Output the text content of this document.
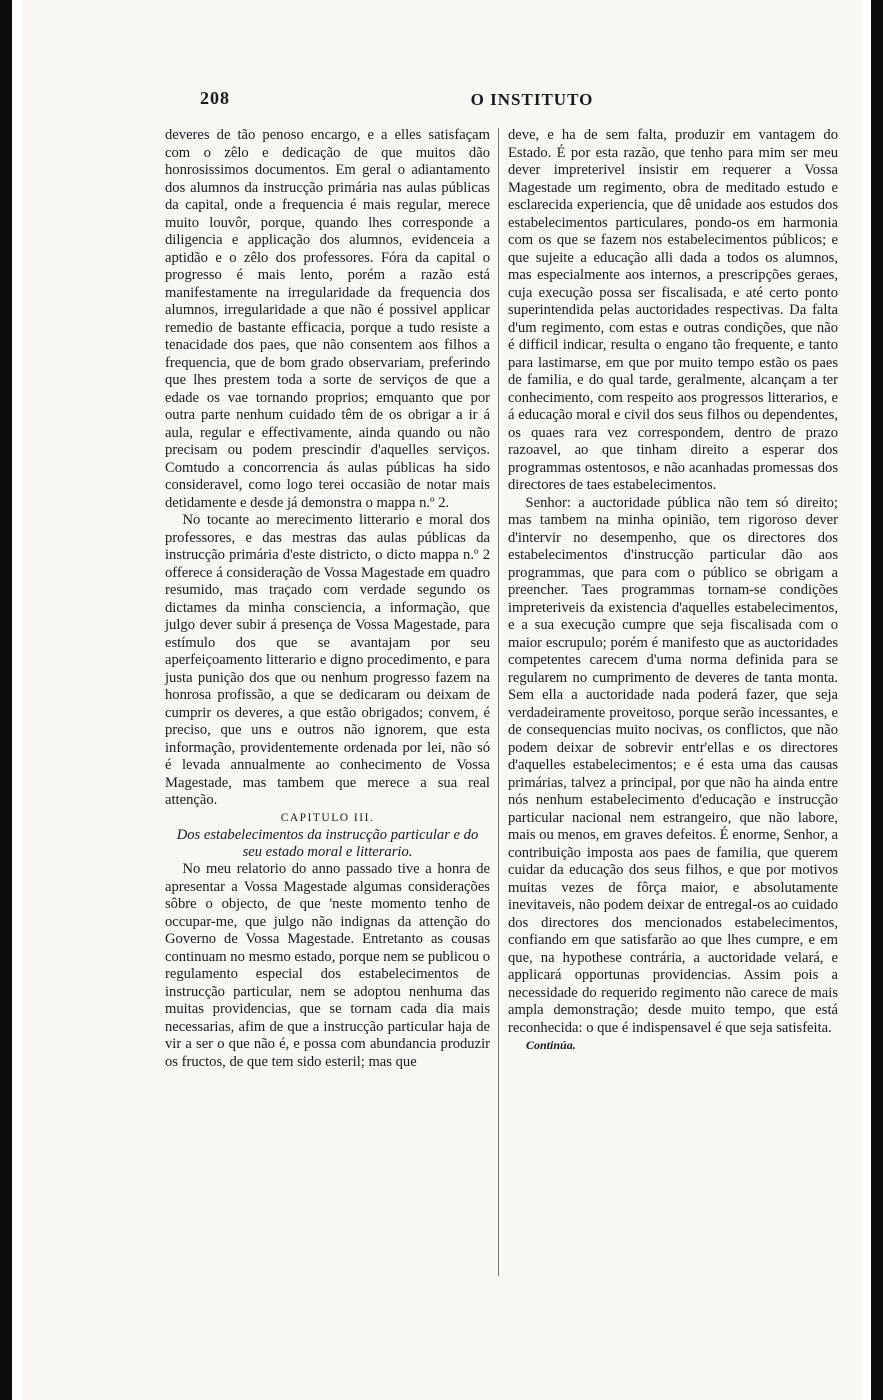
208	O INSTITUTO

deveres de tão penoso encargo, e a elles satisfaçam com o zêlo e dedicação de que muitos dão honrosissimos documentos. Em geral o adiantamento dos alumnos da instrucção primária nas aulas públicas da capital, onde a frequencia é mais regular, merece muito louvôr, porque, quando lhes corresponde a diligencia e applicação dos alumnos, evidenceia a aptidão e o zêlo dos professores. Fóra da capital o progresso é mais lento, porém a razão está manifestamente na irregularidade da frequencia dos alumnos, irregularidade a que não é possivel applicar remedio de bastante efficacia, porque a tudo resiste a tenacidade dos paes, que não consentem aos filhos a frequencia, que de bom grado observariam, preferindo que lhes prestem toda a sorte de serviços de que a edade os vae tornando proprios; emquanto que por outra parte nenhum cuidado têm de os obrigar a ir á aula, regular e effectivamente, ainda quando ou não precisam ou podem prescindir d'aquelles serviços. Comtudo a concorrencia ás aulas públicas ha sido consideravel, como logo terei occasião de notar mais detidamente e desde já demonstra o mappa n.º 2.

No tocante ao merecimento litterario e moral dos professores, e das mestras das aulas públicas da instrucção primária d'este districto, o dicto mappa n.º 2 offerece á consideração de Vossa Magestade em quadro resumido, mas traçado com verdade segundo os dictames da minha consciencia, a informação, que julgo dever subir á presença de Vossa Magestade, para estímulo dos que se avantajam por seu aperfeiçoamento litterario e digno procedimento, e para justa punição dos que ou nenhum progresso fazem na honrosa profissão, a que se dedicaram ou deixam de cumprir os deveres, a que estão obrigados; convem, é preciso, que uns e outros não ignorem, que esta informação, providentemente ordenada por lei, não só é levada annualmente ao conhecimento de Vossa Magestade, mas tambem que merece a sua real attenção.

CAPITULO III.

Dos estabelecimentos da instrucção particular e do seu estado moral e litterario.

No meu relatorio do anno passado tive a honra de apresentar a Vossa Magestade algumas considerações sôbre o objecto, de que 'neste momento tenho de occupar-me, que julgo não indignas da attenção do Governo de Vossa Magestade. Entretanto as cousas continuam no mesmo estado, porque nem se publicou o regulamento especial dos estabelecimentos de instrucção particular, nem se adoptou nenhuma das muitas providencias, que se tornam cada dia mais necessarias, afim de que a instrucção particular haja de vir a ser o que não é, e possa com abundancia produzir os fructos, de que tem sido esteril; mas que

deve, e ha de sem falta, produzir em vantagem do Estado. É por esta razão, que tenho para mim ser meu dever impreterivel insistir em requerer a Vossa Magestade um regimento, obra de meditado estudo e esclarecida experiencia, que dê unidade aos estudos dos estabelecimentos particulares, pondo-os em harmonia com os que se fazem nos estabelecimentos públicos; e que sujeite a educação alli dada a todos os alumnos, mas especialmente aos internos, a prescripções geraes, cuja execução possa ser fiscalisada, e até certo ponto superintendida pelas auctoridades respectivas. Da falta d'um regimento, com estas e outras condições, que não é difficil indicar, resulta o engano tão frequente, e tanto para lastimarse, em que por muito tempo estão os paes de familia, e do qual tarde, geralmente, alcançam a ter conhecimento, com respeito aos progressos litterarios, e á educação moral e civil dos seus filhos ou dependentes, os quaes rara vez correspondem, dentro de prazo razoavel, ao que tinham direito a esperar dos programmas ostentosos, e não acanhadas promessas dos directores de taes estabelecimentos.

Senhor: a auctoridade pública não tem só direito; mas tambem na minha opinião, tem rigoroso dever d'intervir no desempenho, que os directores dos estabelecimentos d'instrucção particular dão aos programmas, que para com o público se obrigam a preencher. Taes programmas tornam-se condições impreteriveis da existencia d'aquelles estabelecimentos, e a sua execução cumpre que seja fiscalisada com o maior escrupulo; porém é manifesto que as auctoridades competentes carecem d'uma norma definida para se regularem no cumprimento de deveres de tanta monta. Sem ella a auctoridade nada poderá fazer, que seja verdadeiramente proveitoso, porque serão incessantes, e de consequencias muito nocivas, os conflictos, que não podem deixar de sobrevir entr'ellas e os directores d'aquelles estabelecimentos; e é esta uma das causas primárias, talvez a principal, por que não ha ainda entre nós nenhum estabelecimento d'educação e instrucção particular nacional nem estrangeiro, que não labore, mais ou menos, em graves defeitos. É enorme, Senhor, a contribuição imposta aos paes de familia, que querem cuidar da educação dos seus filhos, e que por motivos muitas vezes de fôrça maior, e absolutamente inevitaveis, não podem deixar de entregal-os ao cuidado dos directores dos mencionados estabelecimentos, confiando em que satisfarão ao que lhes cumpre, e em que, na hypothese contrária, a auctoridade velará, e applicará opportunas providencias. Assim pois a necessidade do requerido regimento não carece de mais ampla demonstração; desde muito tempo, que está reconhecida: o que é indispensavel é que seja satisfeita.

Continúa.
